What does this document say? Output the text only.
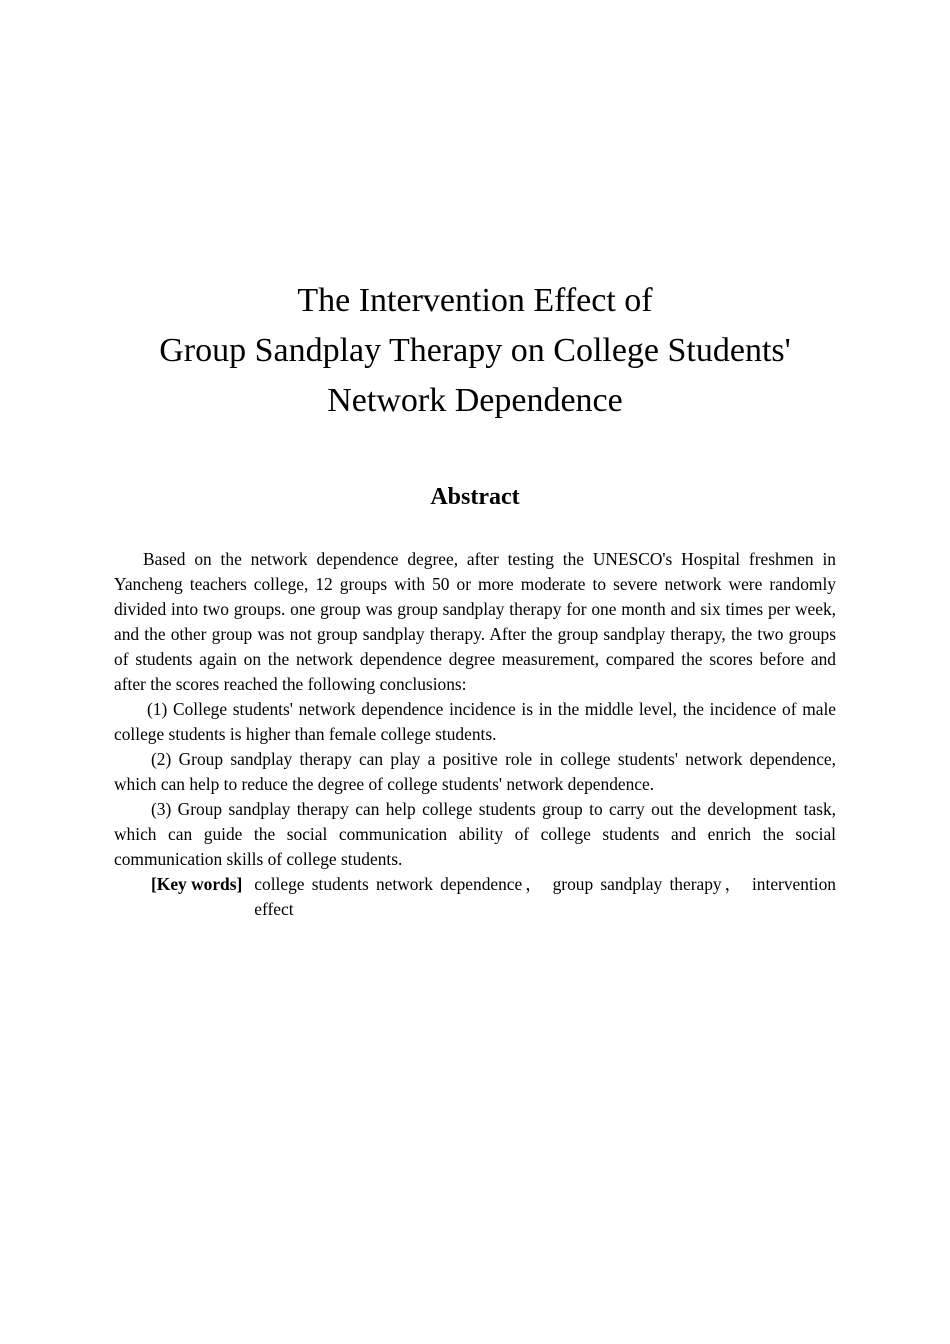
The Intervention Effect of
Group Sandplay Therapy on College Students'
Network Dependence
Abstract

Based on the network dependence degree, after testing the UNESCO's Hospital freshmen in Yancheng teachers college, 12 groups with 50 or more moderate to severe network were randomly divided into two groups. one group was group sandplay therapy for one month and six times per week, and the other group was not group sandplay therapy. After the group sandplay therapy, the two groups of students again on the network dependence degree measurement, compared the scores before and after the scores reached the following conclusions:

(1) College students' network dependence incidence is in the middle level, the incidence of male college students is higher than female college students.

(2) Group sandplay therapy can play a positive role in college students' network dependence, which can help to reduce the degree of college students' network dependence.

(3) Group sandplay therapy can help college students group to carry out the development task, which can guide the social communication ability of college students and enrich the social communication skills of college students.

[Key words] college students network dependence， group sandplay therapy， intervention effect
